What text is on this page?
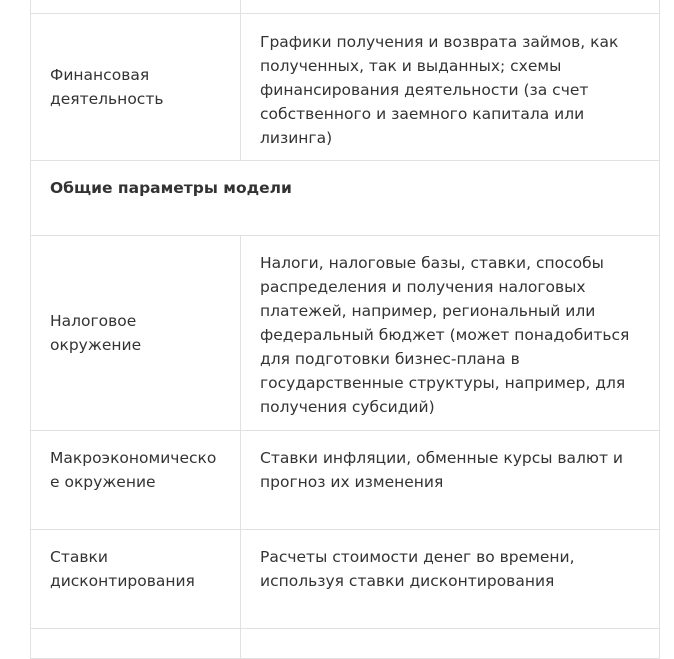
Финансовая деятельность	Графики получения и возврата займов, как полученных, так и выданных; схемы финансирования деятельности (за счет собственного и заемного капитала или лизинга)

Общие параметры модели	

Налоговое окружение	Налоги, налоговые базы, ставки, способы распределения и получения налоговых платежей, например, региональный или федеральный бюджет (может понадобиться для подготовки бизнес-плана в государственные структуры, например, для получения субсидий)

Макроэкономическое окружение	Ставки инфляции, обменные курсы валют и прогноз их изменения

Ставки дисконтирования	Расчеты стоимости денег во времени, используя ставки дисконтирования
